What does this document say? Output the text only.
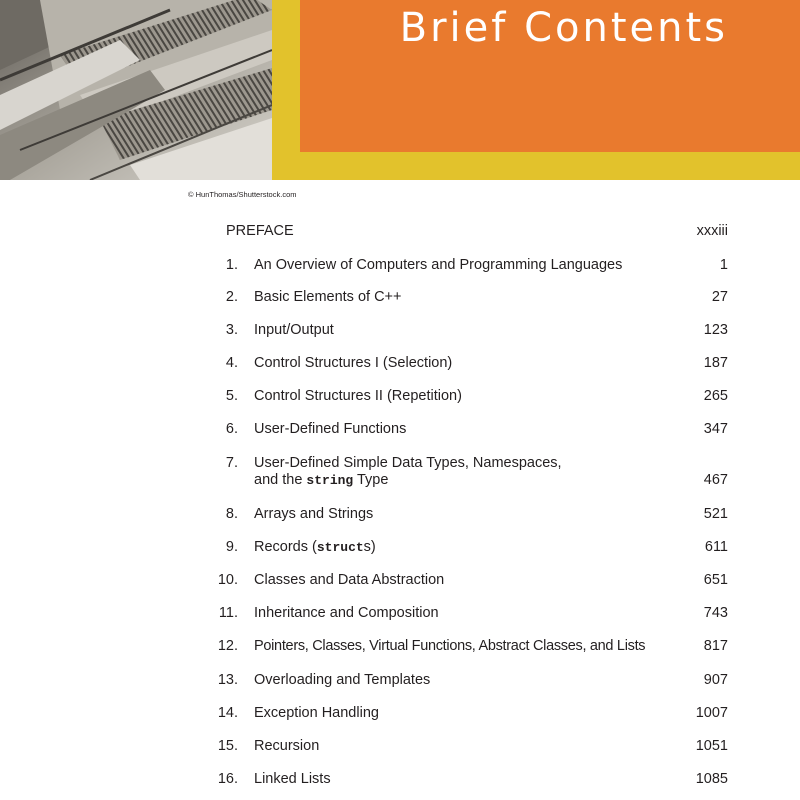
Brief Contents
© HunThomas/Shutterstock.com
PREFACE	xxxiii
1. An Overview of Computers and Programming Languages	1
2. Basic Elements of C++	27
3. Input/Output	123
4. Control Structures I (Selection)	187
5. Control Structures II (Repetition)	265
6. User-Defined Functions	347
7. User-Defined Simple Data Types, Namespaces,
and the string Type	467
8. Arrays and Strings	521
9. Records (structs)	611
10. Classes and Data Abstraction	651
11. Inheritance and Composition	743
12. Pointers, Classes, Virtual Functions, Abstract Classes, and Lists	817
13. Overloading and Templates	907
14. Exception Handling	1007
15. Recursion	1051
16. Linked Lists	1085
